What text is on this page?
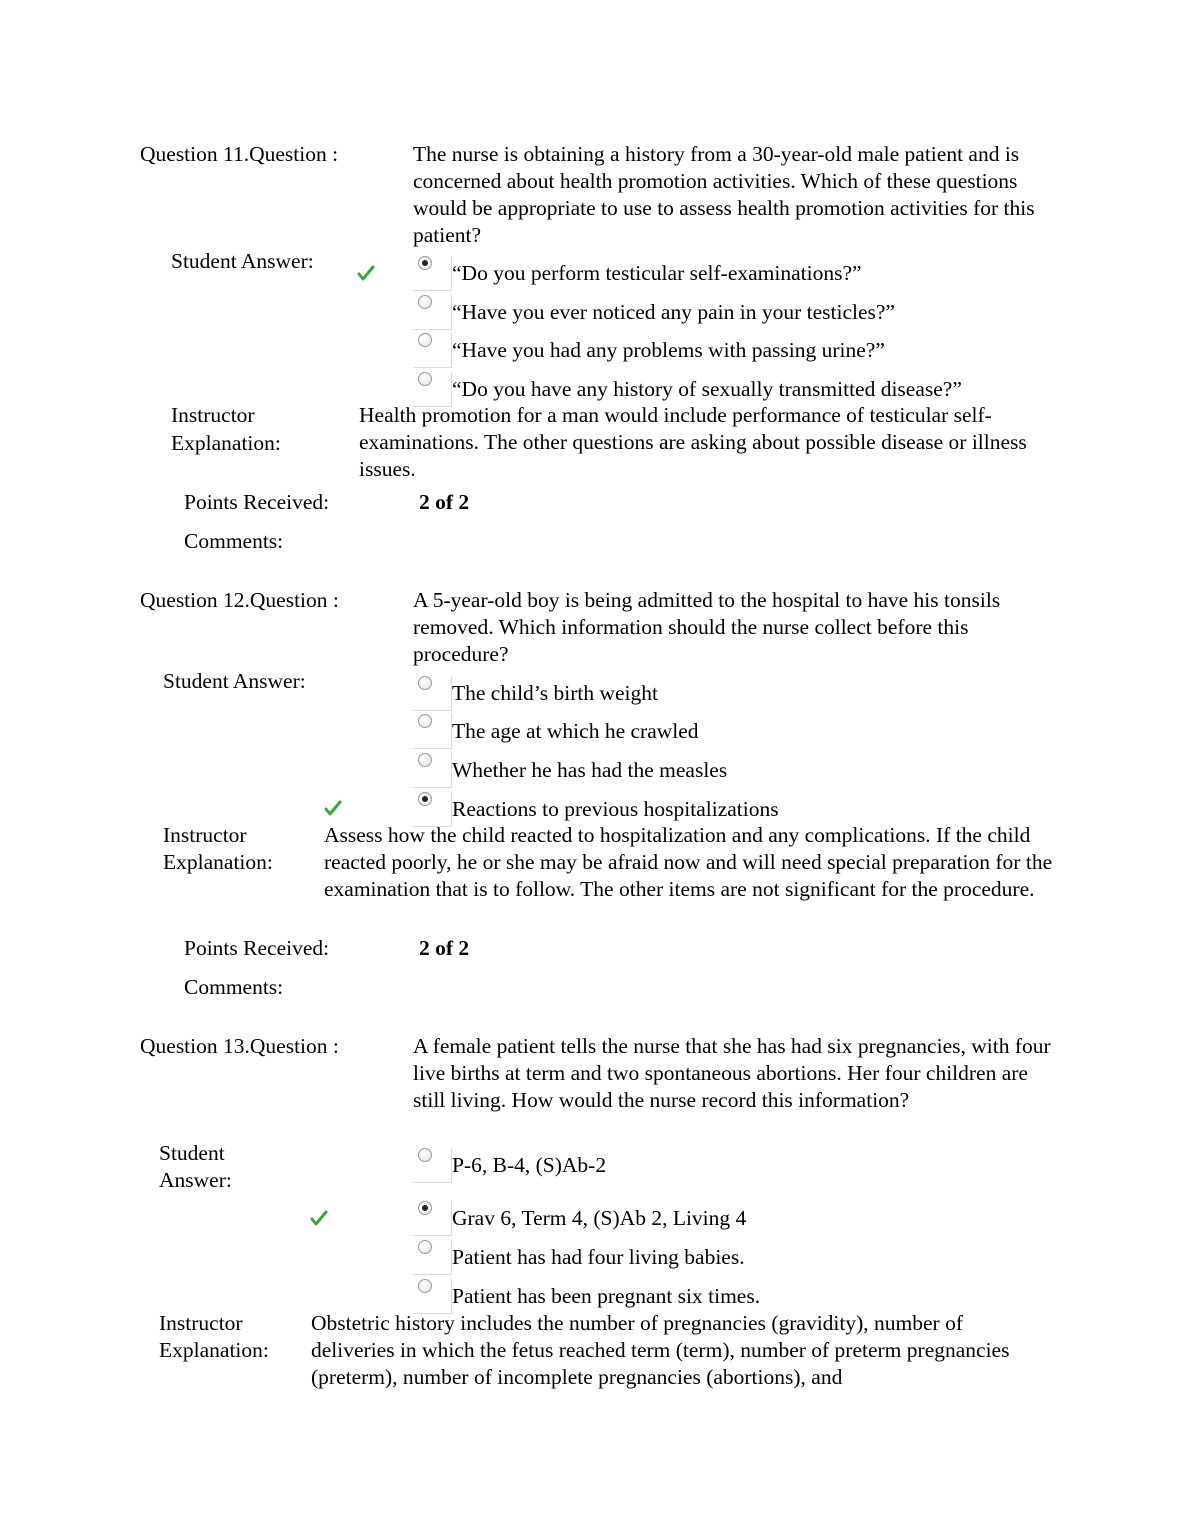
Question 11.Question :	The nurse is obtaining a history from a 30-year-old male patient and is concerned about health promotion activities. Which of these questions would be appropriate to use to assess health promotion activities for this patient?
Student Answer:	“Do you perform testicular self-examinations?”
“Have you ever noticed any pain in your testicles?”
“Have you had any problems with passing urine?”
“Do you have any history of sexually transmitted disease?”
Instructor
Explanation:
Health promotion for a man would include performance of testicular self-examinations. The other questions are asking about possible disease or illness issues.
Points Received:	2 of 2
Comments:
Question 12.Question :	A 5-year-old boy is being admitted to the hospital to have his tonsils removed. Which information should the nurse collect before this procedure?
Student Answer:	The child’s birth weight
The age at which he crawled
Whether he has had the measles
Reactions to previous hospitalizations
Instructor
Explanation:
Assess how the child reacted to hospitalization and any complications. If the child reacted poorly, he or she may be afraid now and will need special preparation for the examination that is to follow. The other items are not significant for the procedure.
Points Received:	2 of 2
Comments:
Question 13.Question :	A female patient tells the nurse that she has had six pregnancies, with four live births at term and two spontaneous abortions. Her four children are still living. How would the nurse record this information?
Student
Answer:
P-6, B-4, (S)Ab-2
Grav 6, Term 4, (S)Ab 2, Living 4
Patient has had four living babies.
Patient has been pregnant six times.
Instructor
Explanation:
Obstetric history includes the number of pregnancies (gravidity), number of deliveries in which the fetus reached term (term), number of preterm pregnancies (preterm), number of incomplete pregnancies (abortions), and
